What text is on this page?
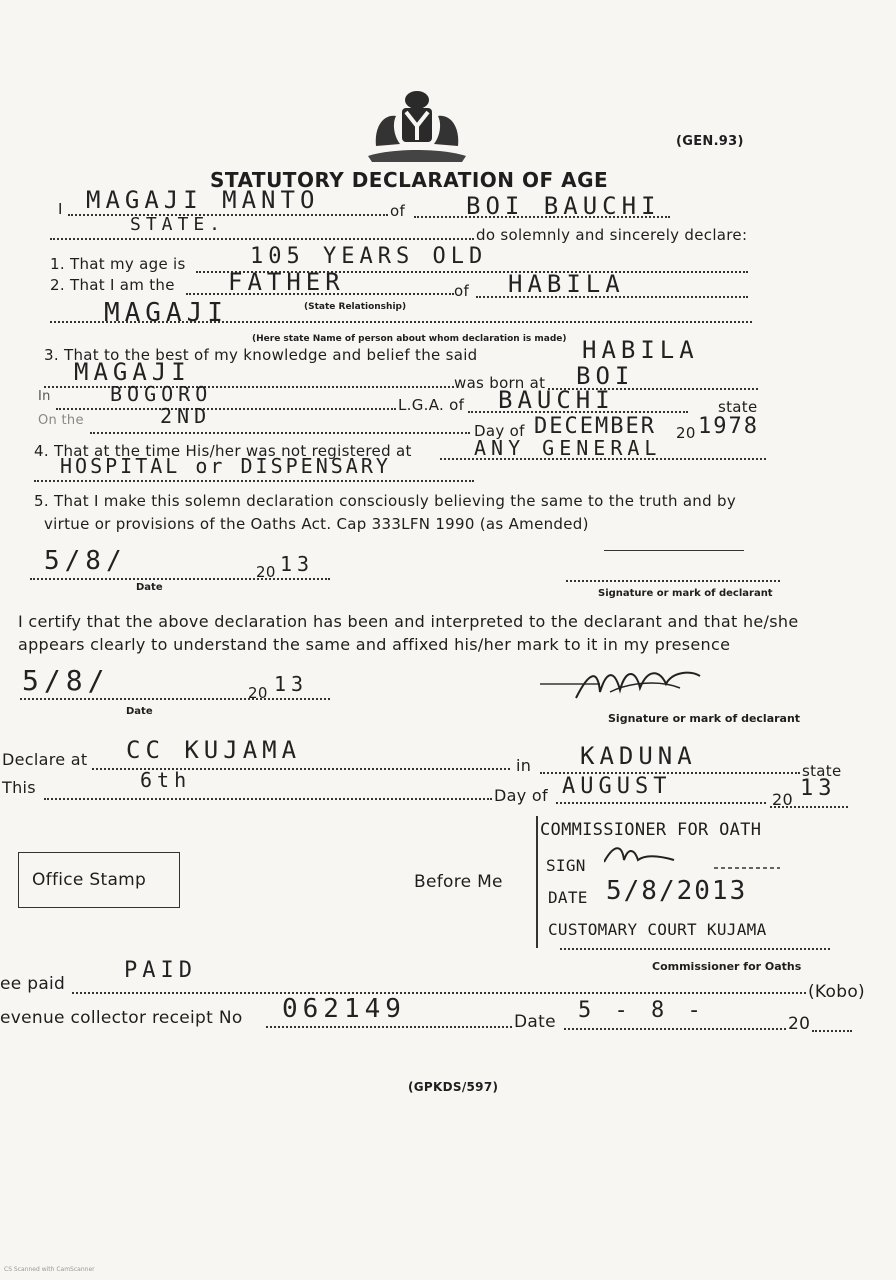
(GEN.93)
STATUTORY DECLARATION OF AGE
I MAGAJI MANTO	of	BOI BAUCHI
STATE.	do solemnly and sincerely declare:
1. That my age is	105 YEARS OLD
2. That I am the FATHER	of HABILA
(State Relationship)
MAGAJI
(Here state Name of person about whom declaration is made)
3. That to the best of my knowledge and belief the said	HABILA
MAGAJI	was born at BOI
In	BOGORO	L.G.A. of BAUCHI	state
On the	2ND
Day of DECEMBER 20 1978
4. That at the time His/her was not registered at	ANY GENERAL
HOSPITAL or DISPENSARY
5. That I make this solemn declaration consciously believing the same to the truth and by
virtue or provisions of the Oaths Act. Cap 333LFN 1990 (as Amended)
5/8/	20 13
Date
Signature or mark of declarant
I certify that the above declaration has been and interpreted to the declarant and that he/she
appears clearly to understand the same and affixed his/her mark to it in my presence
5/8/	20 13
Date
Signature or mark of declarant
Declare at CC KUJAMA
in KADUNA
state
This	6th
Day of AUGUST
20 13
Office Stamp	Before Me
COMMISSIONER FOR OATH
SIGN
DATE 5/8/2013
CUSTOMARY COURT KUJAMA
Commissioner for Oaths
ee paid
PAID
(Kobo)
evenue collector receipt No 062149	Date 5 - 8 -
20
(GPKDS/597)
CS Scanned with CamScanner
